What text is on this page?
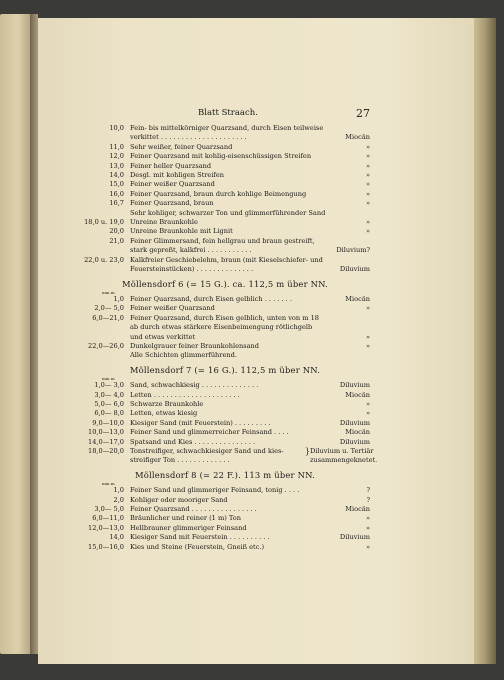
Blatt Straach.	27
10,0 Fein- bis mittelkörniger Quarzsand, durch Eisen teilweise
verkittet . . . . . . . . . . . . . . . . . . . . .	Miocän
11,0 Sehr weißer, feiner Quarzsand	»
12,0 Feiner Quarzsand mit kohlig-eisenschüssigen Streifen	»
13,0 Feiner heller Quarzsand	»
14,0 Desgl. mit kohligen Streifen	»
15,0 Feiner weißer Quarzsand	»
16,0 Feiner Quarzsand, braun durch kohlige Beimengung	»
16,7 Feiner Quarzsand, braun	»
Sehr kohliger, schwarzer Ton und glimmerführender Sand
18,0 u. 19,0 Unreine Braunkohle	»
20,0 Unreine Braunkohle mit Lignit	»
21,0 Feiner Glimmersand, fein hellgrau und braun gestreift,
stark gepreßt, kalkfrei . . . . . . . . . . .	Diluvium?
22,0 u. 23,0 Kalkfreier Geschiebelehm, braun (mit Kieselschiefer- und
Feuersteinstücken) . . . . . . . . . . . . . .	Diluvium
Möllensdorf 6 (= 15 G.). ca. 112,5 m über NN.
mm m
1,0 Feiner Quarzsand, durch Eisen gelblich . . . . . . .	Miocän
2,0— 5,0 Feiner weißer Quarzsand	»
6,0—21,0 Feiner Quarzsand, durch Eisen gelblich, unten von m 18
ab durch etwas stärkere Eisenbeimengung rötlichgelb
und etwas verkittet	»
22,0—26,0 Dunkelgrauer feiner Braunkohlensand	»
Alle Schichten glimmerführend.
Möllensdorf 7 (= 16 G.). 112,5 m über NN.
mm m
1,0— 3,0 Sand, schwachkiesig . . . . . . . . . . . . . .	Diluvium
3,0— 4,0 Letten . . . . . . . . . . . . . . . . . . . . .	Miocän
5,0— 6,0 Schwarze Braunkohle	»
6,0— 8,0 Letten, etwas kiesig	»
9,0—10,0 Kiesiger Sand (mit Feuerstein) . . . . . . . . .	Diluvium
10,0—13,0 Feiner Sand und glimmerreicher Feinsand . . . .	Miocän
14,0—17,0 Spatsand und Kies . . . . . . . . . . . . . . .	Diluvium
18,0—20,0 Tonstreifiger, schwachkiesiger Sand und kies-
streifiger Ton . . . . . . . . . . . . .
} Diluvium u. Tertiär
zusammengeknetet.
Möllensdorf 8 (= 22 F.). 113 m über NN.
mm m
1,0 Feiner Sand und glimmeriger Feinsand, tonig . . . .	?
2,0 Kohliger oder mooriger Sand	?
3,0— 5,0 Feiner Quarzsand . . . . . . . . . . . . . . . .	Miocän
6,0—11,0 Bräunlicher und reiner (1 m) Ton	»
12,0—13,0 Hellbrauner glimmeriger Feinsand	»
14,0 Kiesiger Sand mit Feuerstein . . . . . . . . . .	Diluvium
15,0—16,0 Kies und Steine (Feuerstein, Gneiß etc.)	»
